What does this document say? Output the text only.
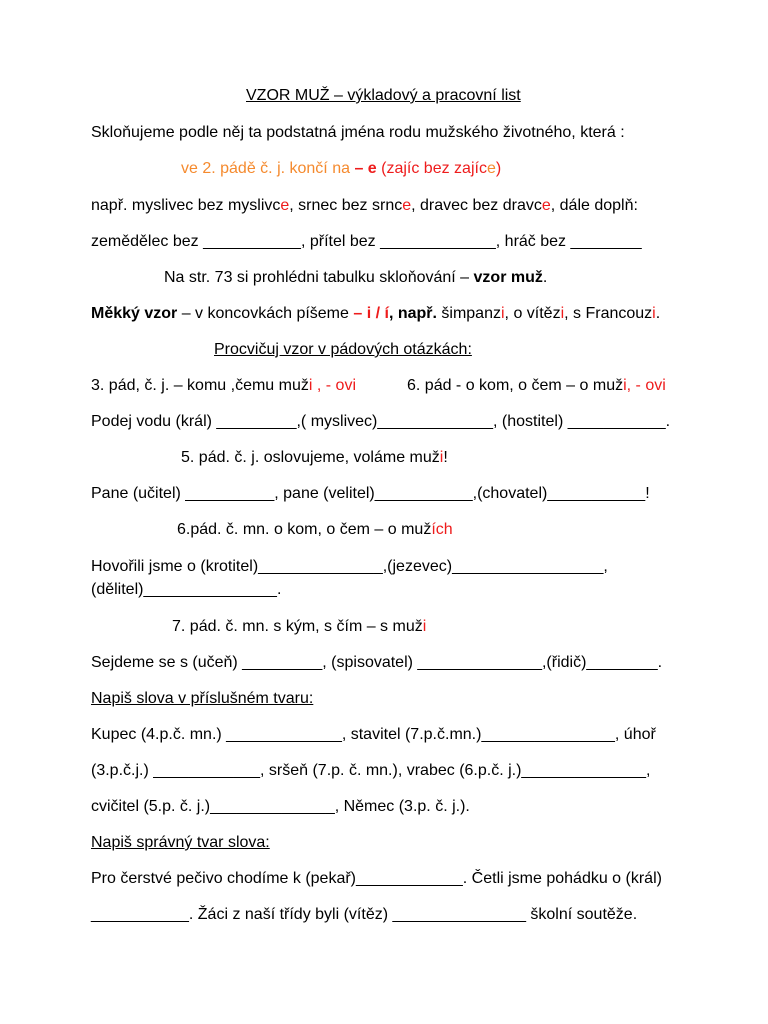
VZOR MUŽ – výkladový a pracovní list
Skloňujeme podle něj ta podstatná jména rodu mužského životného, která :
ve 2. pádě č. j. končí na – e (zajíc bez zajíce)
např. myslivec bez myslivce, srnec bez srnce, dravec bez dravce, dále doplň:
zemědělec bez ___________, přítel bez _____________, hráč bez ________
Na str. 73 si prohlédni tabulku skloňování – vzor muž.
Měkký vzor – v koncovkách píšeme – i / í, např. šimpanzi, o vítězi, s Francouzi.
Procvičuj vzor v pádových otázkách:
3. pád, č. j. – komu ,čemu muži , - ovi	6. pád - o kom, o čem – o muži, - ovi
Podej vodu (král) _________,( myslivec)_____________, (hostitel) ___________.
5. pád. č. j. oslovujeme, voláme muži!
Pane (učitel) __________, pane (velitel)___________,(chovatel)___________!
6.pád. č. mn. o kom, o čem – o mužích
Hovořili jsme o (krotitel)______________,(jezevec)_________________,
(dělitel)_______________.
7. pád. č. mn. s kým, s čím – s muži
Sejdeme se s (učeň) _________, (spisovatel) ______________,(řidič)________.
Napiš slova v příslušném tvaru:
Kupec (4.p.č. mn.) _____________, stavitel (7.p.č.mn.)_______________, úhoř
(3.p.č.j.) ____________, sršeň (7.p. č. mn.), vrabec (6.p.č. j.)______________,
cvičitel (5.p. č. j.)______________, Němec (3.p. č. j.).
Napiš správný tvar slova:
Pro čerstvé pečivo chodíme k (pekař)____________. Četli jsme pohádku o (král)
___________. Žáci z naší třídy byli (vítěz) _______________ školní soutěže.
